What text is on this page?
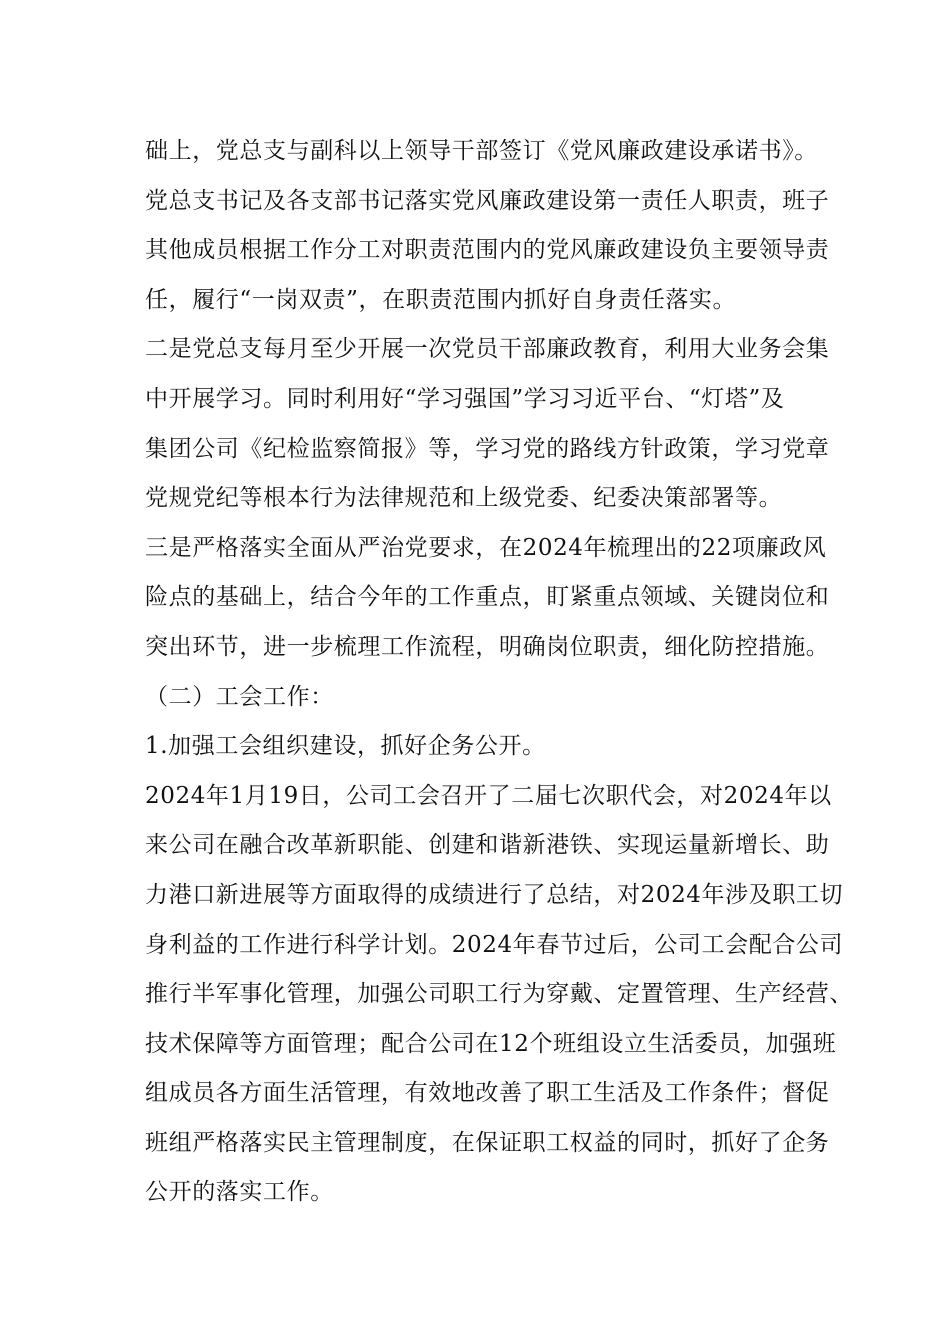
础上，党总支与副科以上领导干部签订《党风廉政建设承诺书》。
党总支书记及各支部书记落实党风廉政建设第一责任人职责，班子
其他成员根据工作分工对职责范围内的党风廉政建设负主要领导责
任，履行“一岗双责”，在职责范围内抓好自身责任落实。
二是党总支每月至少开展一次党员干部廉政教育，利用大业务会集
中开展学习。同时利用好“学习强国”学习习近平台、“灯塔”及
集团公司《纪检监察简报》等，学习党的路线方针政策，学习党章
党规党纪等根本行为法律规范和上级党委、纪委决策部署等。
三是严格落实全面从严治党要求，在2024年梳理出的22项廉政风
险点的基础上，结合今年的工作重点，盯紧重点领域、关键岗位和
突出环节，进一步梳理工作流程，明确岗位职责，细化防控措施。
（二）工会工作：
1.加强工会组织建设，抓好企务公开。
2024年1月19日，公司工会召开了二届七次职代会，对2024年以
来公司在融合改革新职能、创建和谐新港铁、实现运量新增长、助
力港口新进展等方面取得的成绩进行了总结，对2024年涉及职工切
身利益的工作进行科学计划。2024年春节过后，公司工会配合公司
推行半军事化管理，加强公司职工行为穿戴、定置管理、生产经营、
技术保障等方面管理；配合公司在12个班组设立生活委员，加强班
组成员各方面生活管理，有效地改善了职工生活及工作条件；督促
班组严格落实民主管理制度，在保证职工权益的同时，抓好了企务
公开的落实工作。
